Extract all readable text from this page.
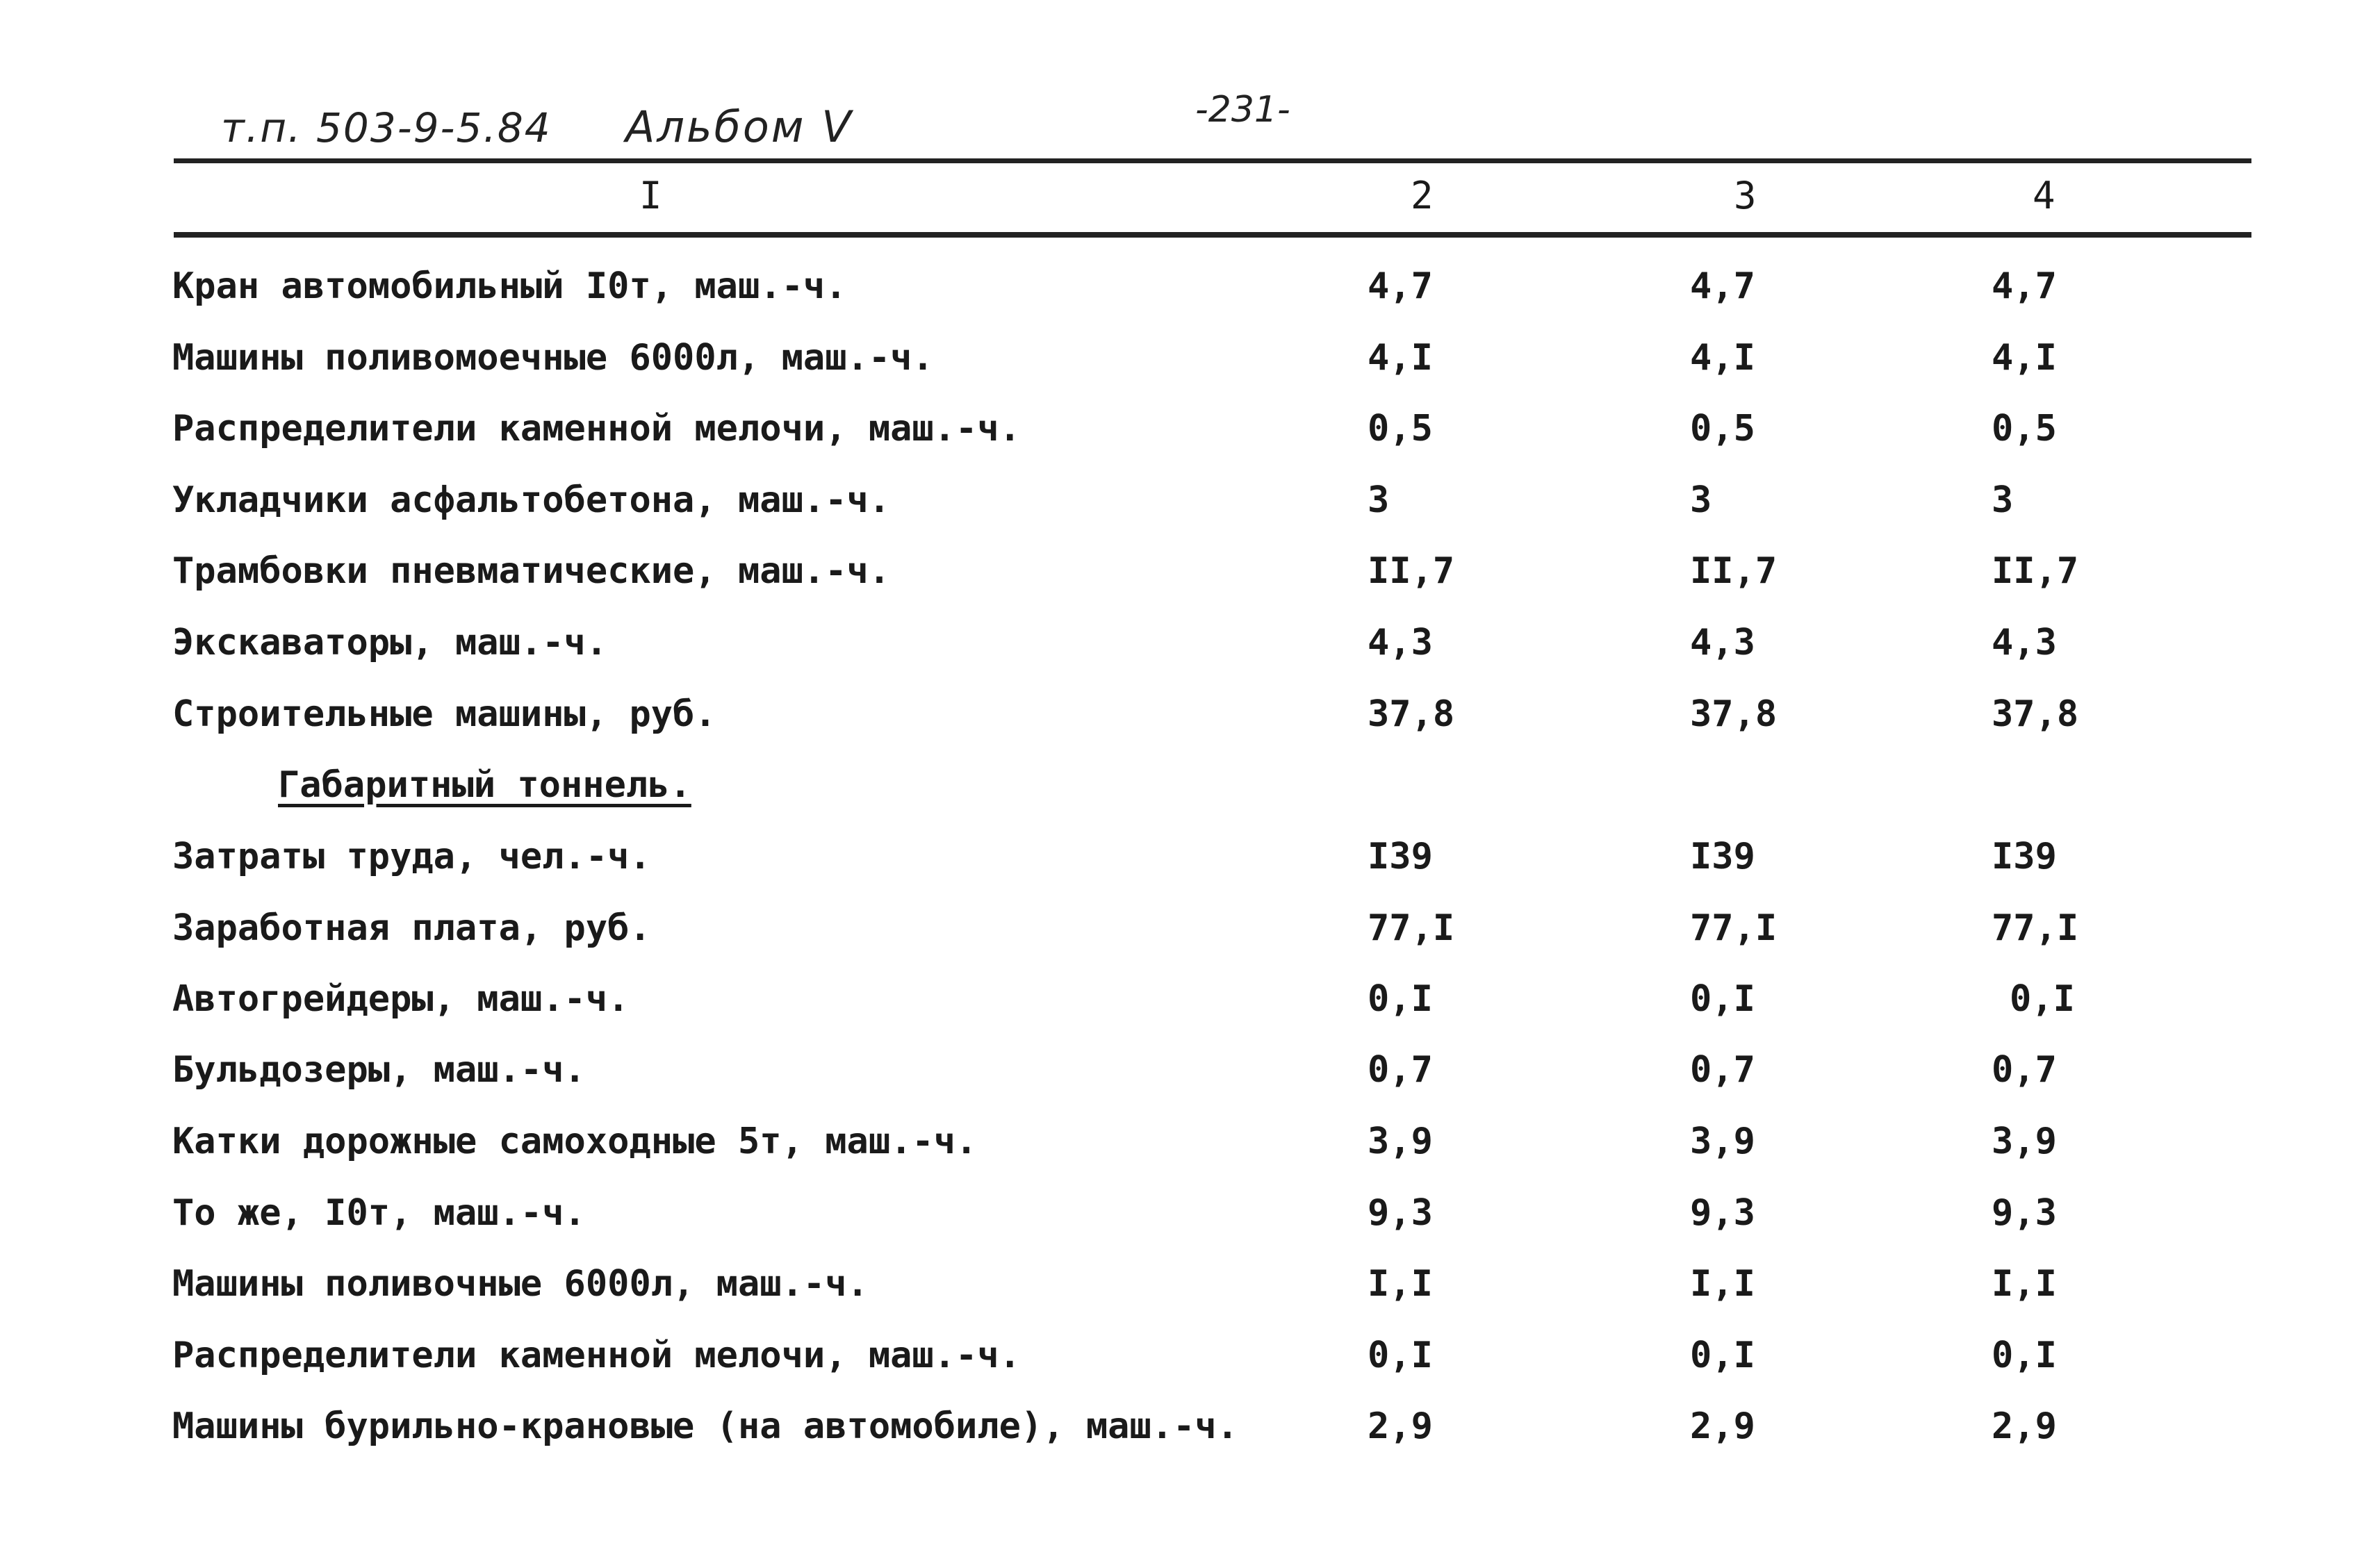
т.п. 503-9-5.84 Альбом V	-231-
I	2	3	4
Кран автомобильный I0т, маш.-ч.	4,7	4,7	4,7
Машины поливомоечные 6000л, маш.-ч.	4,I	4,I	4,I
Распределители каменной мелочи, маш.-ч.	0,5	0,5	0,5
Укладчики асфальтобетона, маш.-ч.	3	3	3
Трамбовки пневматические, маш.-ч.	II,7	II,7	II,7
Экскаваторы, маш.-ч.	4,3	4,3	4,3
Строительные машины, руб.	37,8	37,8	37,8
Габаритный тоннель.
Затраты труда, чел.-ч.	I39	I39	I39
Заработная плата, руб.	77,I	77,I	77,I
Автогрейдеры, маш.-ч.	0,I	0,I	0,I
Бульдозеры, маш.-ч.	0,7	0,7	0,7
Катки дорожные самоходные 5т, маш.-ч.	3,9	3,9	3,9
То же, I0т, маш.-ч.	9,3	9,3	9,3
Машины поливочные 6000л, маш.-ч.	I,I	I,I	I,I
Распределители каменной мелочи, маш.-ч.	0,I	0,I	0,I
Машины бурильно-крановые (на автомобиле), маш.-ч.	2,9	2,9	2,9
